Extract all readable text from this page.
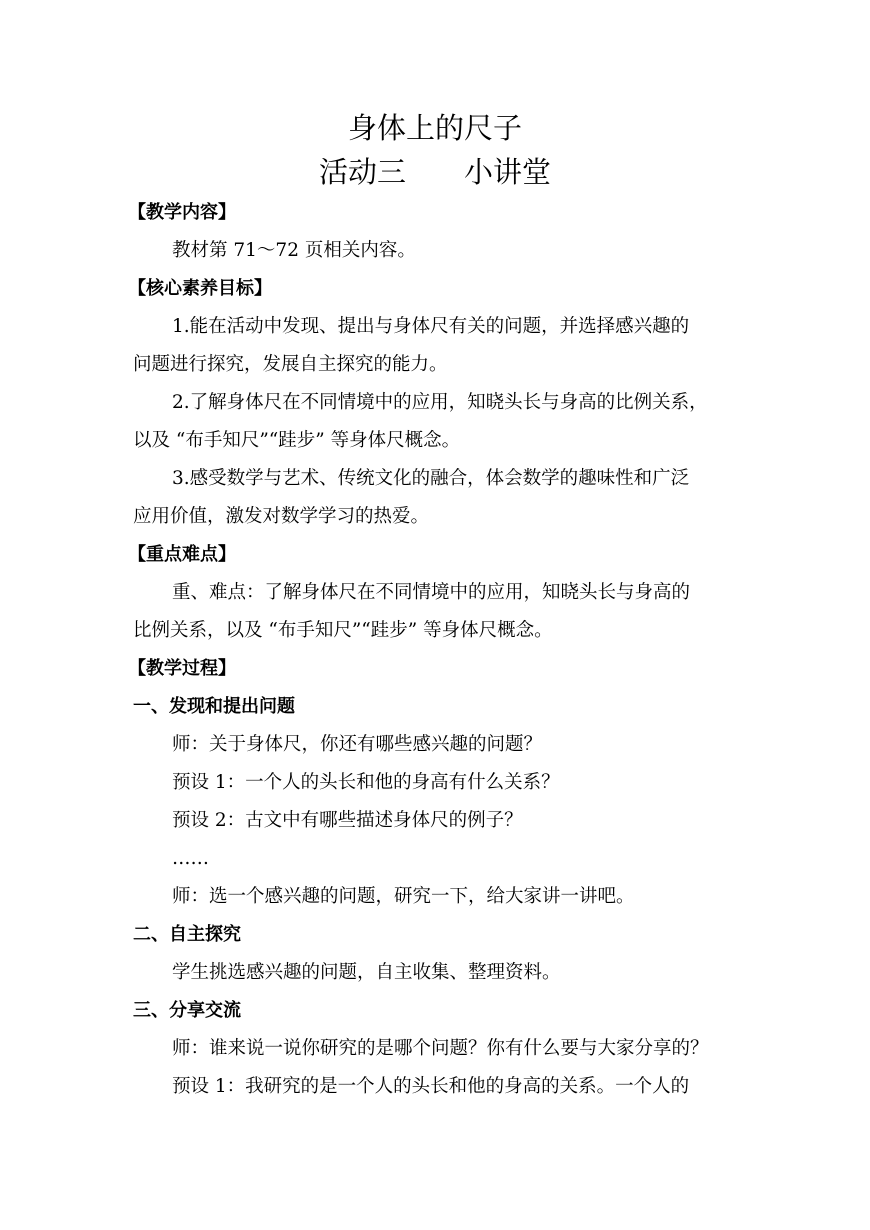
身体上的尺子
活动三 小讲堂

【教学内容】

教材第 71～72 页相关内容。

【核心素养目标】

1.能在活动中发现、提出与身体尺有关的问题，并选择感兴趣的

问题进行探究，发展自主探究的能力。

2.了解身体尺在不同情境中的应用，知晓头长与身高的比例关系，

以及 “布手知尺”“跬步” 等身体尺概念。

3.感受数学与艺术、传统文化的融合，体会数学的趣味性和广泛

应用价值，激发对数学学习的热爱。

【重点难点】

重、难点：了解身体尺在不同情境中的应用，知晓头长与身高的

比例关系，以及 “布手知尺”“跬步” 等身体尺概念。

【教学过程】

一、发现和提出问题

师：关于身体尺，你还有哪些感兴趣的问题？

预设 1：一个人的头长和他的身高有什么关系？

预设 2：古文中有哪些描述身体尺的例子？

……

师：选一个感兴趣的问题，研究一下，给大家讲一讲吧。

二、自主探究

学生挑选感兴趣的问题，自主收集、整理资料。

三、分享交流

师：谁来说一说你研究的是哪个问题？你有什么要与大家分享的？

预设 1：我研究的是一个人的头长和他的身高的关系。一个人的
